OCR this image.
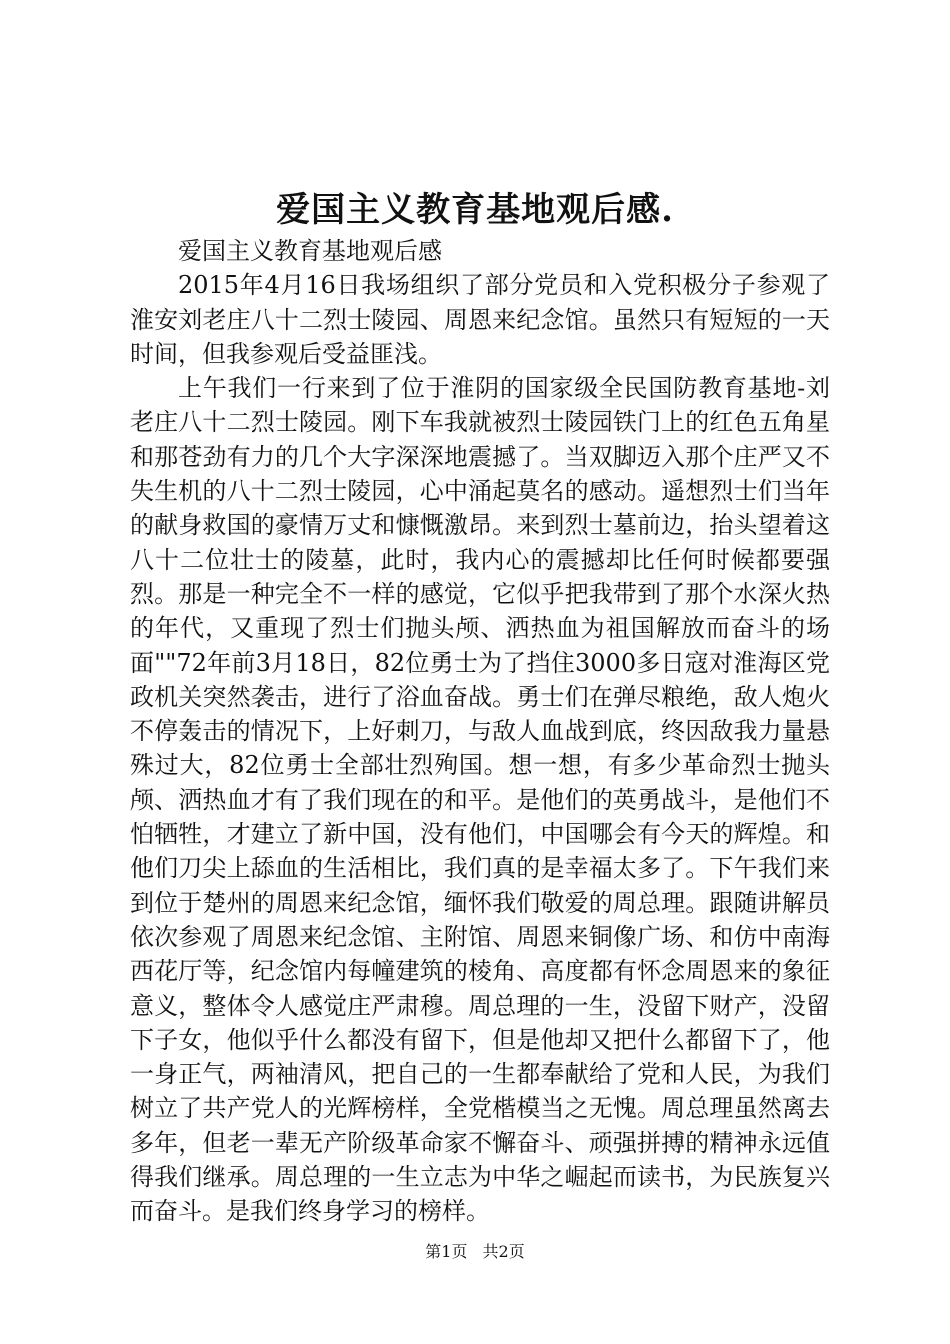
爱国主义教育基地观后感.

爱国主义教育基地观后感

2015年4月16日我场组织了部分党员和入党积极分子参观了淮安刘老庄八十二烈士陵园、周恩来纪念馆。虽然只有短短的一天时间，但我参观后受益匪浅。

上午我们一行来到了位于淮阴的国家级全民国防教育基地-刘老庄八十二烈士陵园。刚下车我就被烈士陵园铁门上的红色五角星和那苍劲有力的几个大字深深地震撼了。当双脚迈入那个庄严又不失生机的八十二烈士陵园，心中涌起莫名的感动。遥想烈士们当年的献身救国的豪情万丈和慷慨激昂。来到烈士墓前边，抬头望着这八十二位壮士的陵墓，此时，我内心的震撼却比任何时候都要强烈。那是一种完全不一样的感觉，它似乎把我带到了那个水深火热的年代，又重现了烈士们抛头颅、洒热血为祖国解放而奋斗的场面""72年前3月18日，82位勇士为了挡住3000多日寇对淮海区党政机关突然袭击，进行了浴血奋战。勇士们在弹尽粮绝，敌人炮火不停轰击的情况下，上好刺刀，与敌人血战到底，终因敌我力量悬殊过大，82位勇士全部壮烈殉国。想一想，有多少革命烈士抛头颅、洒热血才有了我们现在的和平。是他们的英勇战斗，是他们不怕牺牲，才建立了新中国，没有他们，中国哪会有今天的辉煌。和他们刀尖上舔血的生活相比，我们真的是幸福太多了。下午我们来到位于楚州的周恩来纪念馆，缅怀我们敬爱的周总理。跟随讲解员依次参观了周恩来纪念馆、主附馆、周恩来铜像广场、和仿中南海西花厅等，纪念馆内每幢建筑的棱角、高度都有怀念周恩来的象征意义，整体令人感觉庄严肃穆。周总理的一生，没留下财产，没留下子女，他似乎什么都没有留下，但是他却又把什么都留下了，他一身正气，两袖清风，把自己的一生都奉献给了党和人民，为我们树立了共产党人的光辉榜样，全党楷模当之无愧。周总理虽然离去多年，但老一辈无产阶级革命家不懈奋斗、顽强拼搏的精神永远值得我们继承。周总理的一生立志为中华之崛起而读书，为民族复兴而奋斗。是我们终身学习的榜样。

第1页 共2页
